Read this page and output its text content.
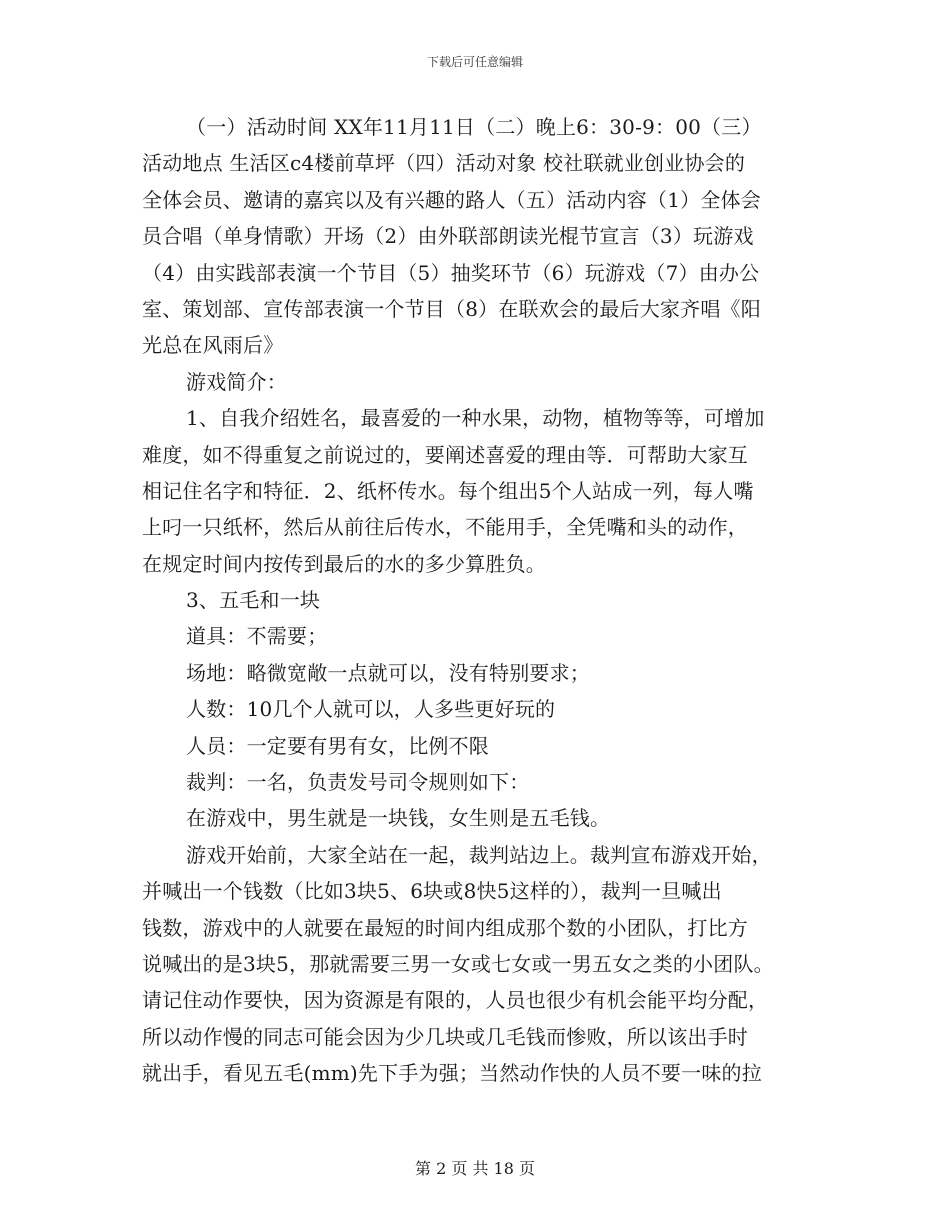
下载后可任意编辑
（一）活动时间 XX年11月11日（二）晚上6：30-9：00（三）
活动地点 生活区c4楼前草坪（四）活动对象 校社联就业创业协会的
全体会员、邀请的嘉宾以及有兴趣的路人（五）活动内容（1）全体会
员合唱（单身情歌）开场（2）由外联部朗读光棍节宣言（3）玩游戏
（4）由实践部表演一个节目（5）抽奖环节（6）玩游戏（7）由办公
室、策划部、宣传部表演一个节目（8）在联欢会的最后大家齐唱《阳
光总在风雨后》
游戏简介：
1、自我介绍姓名，最喜爱的一种水果，动物，植物等等，可增加
难度，如不得重复之前说过的，要阐述喜爱的理由等．可帮助大家互
相记住名字和特征．2、纸杯传水。每个组出5个人站成一列，每人嘴
上叼一只纸杯，然后从前往后传水，不能用手，全凭嘴和头的动作，
在规定时间内按传到最后的水的多少算胜负。
3、五毛和一块
道具：不需要；
场地：略微宽敞一点就可以，没有特别要求；
人数：10几个人就可以，人多些更好玩的
人员：一定要有男有女，比例不限
裁判：一名，负责发号司令规则如下：
在游戏中，男生就是一块钱，女生则是五毛钱。
游戏开始前，大家全站在一起，裁判站边上。裁判宣布游戏开始，
并喊出一个钱数（比如3块5、6块或8快5这样的），裁判一旦喊出
钱数，游戏中的人就要在最短的时间内组成那个数的小团队，打比方
说喊出的是3块5，那就需要三男一女或七女或一男五女之类的小团队。
请记住动作要快，因为资源是有限的，人员也很少有机会能平均分配，
所以动作慢的同志可能会因为少几块或几毛钱而惨败，所以该出手时
就出手，看见五毛(mm)先下手为强；当然动作快的人员不要一味的拉
第 2 页 共 18 页
